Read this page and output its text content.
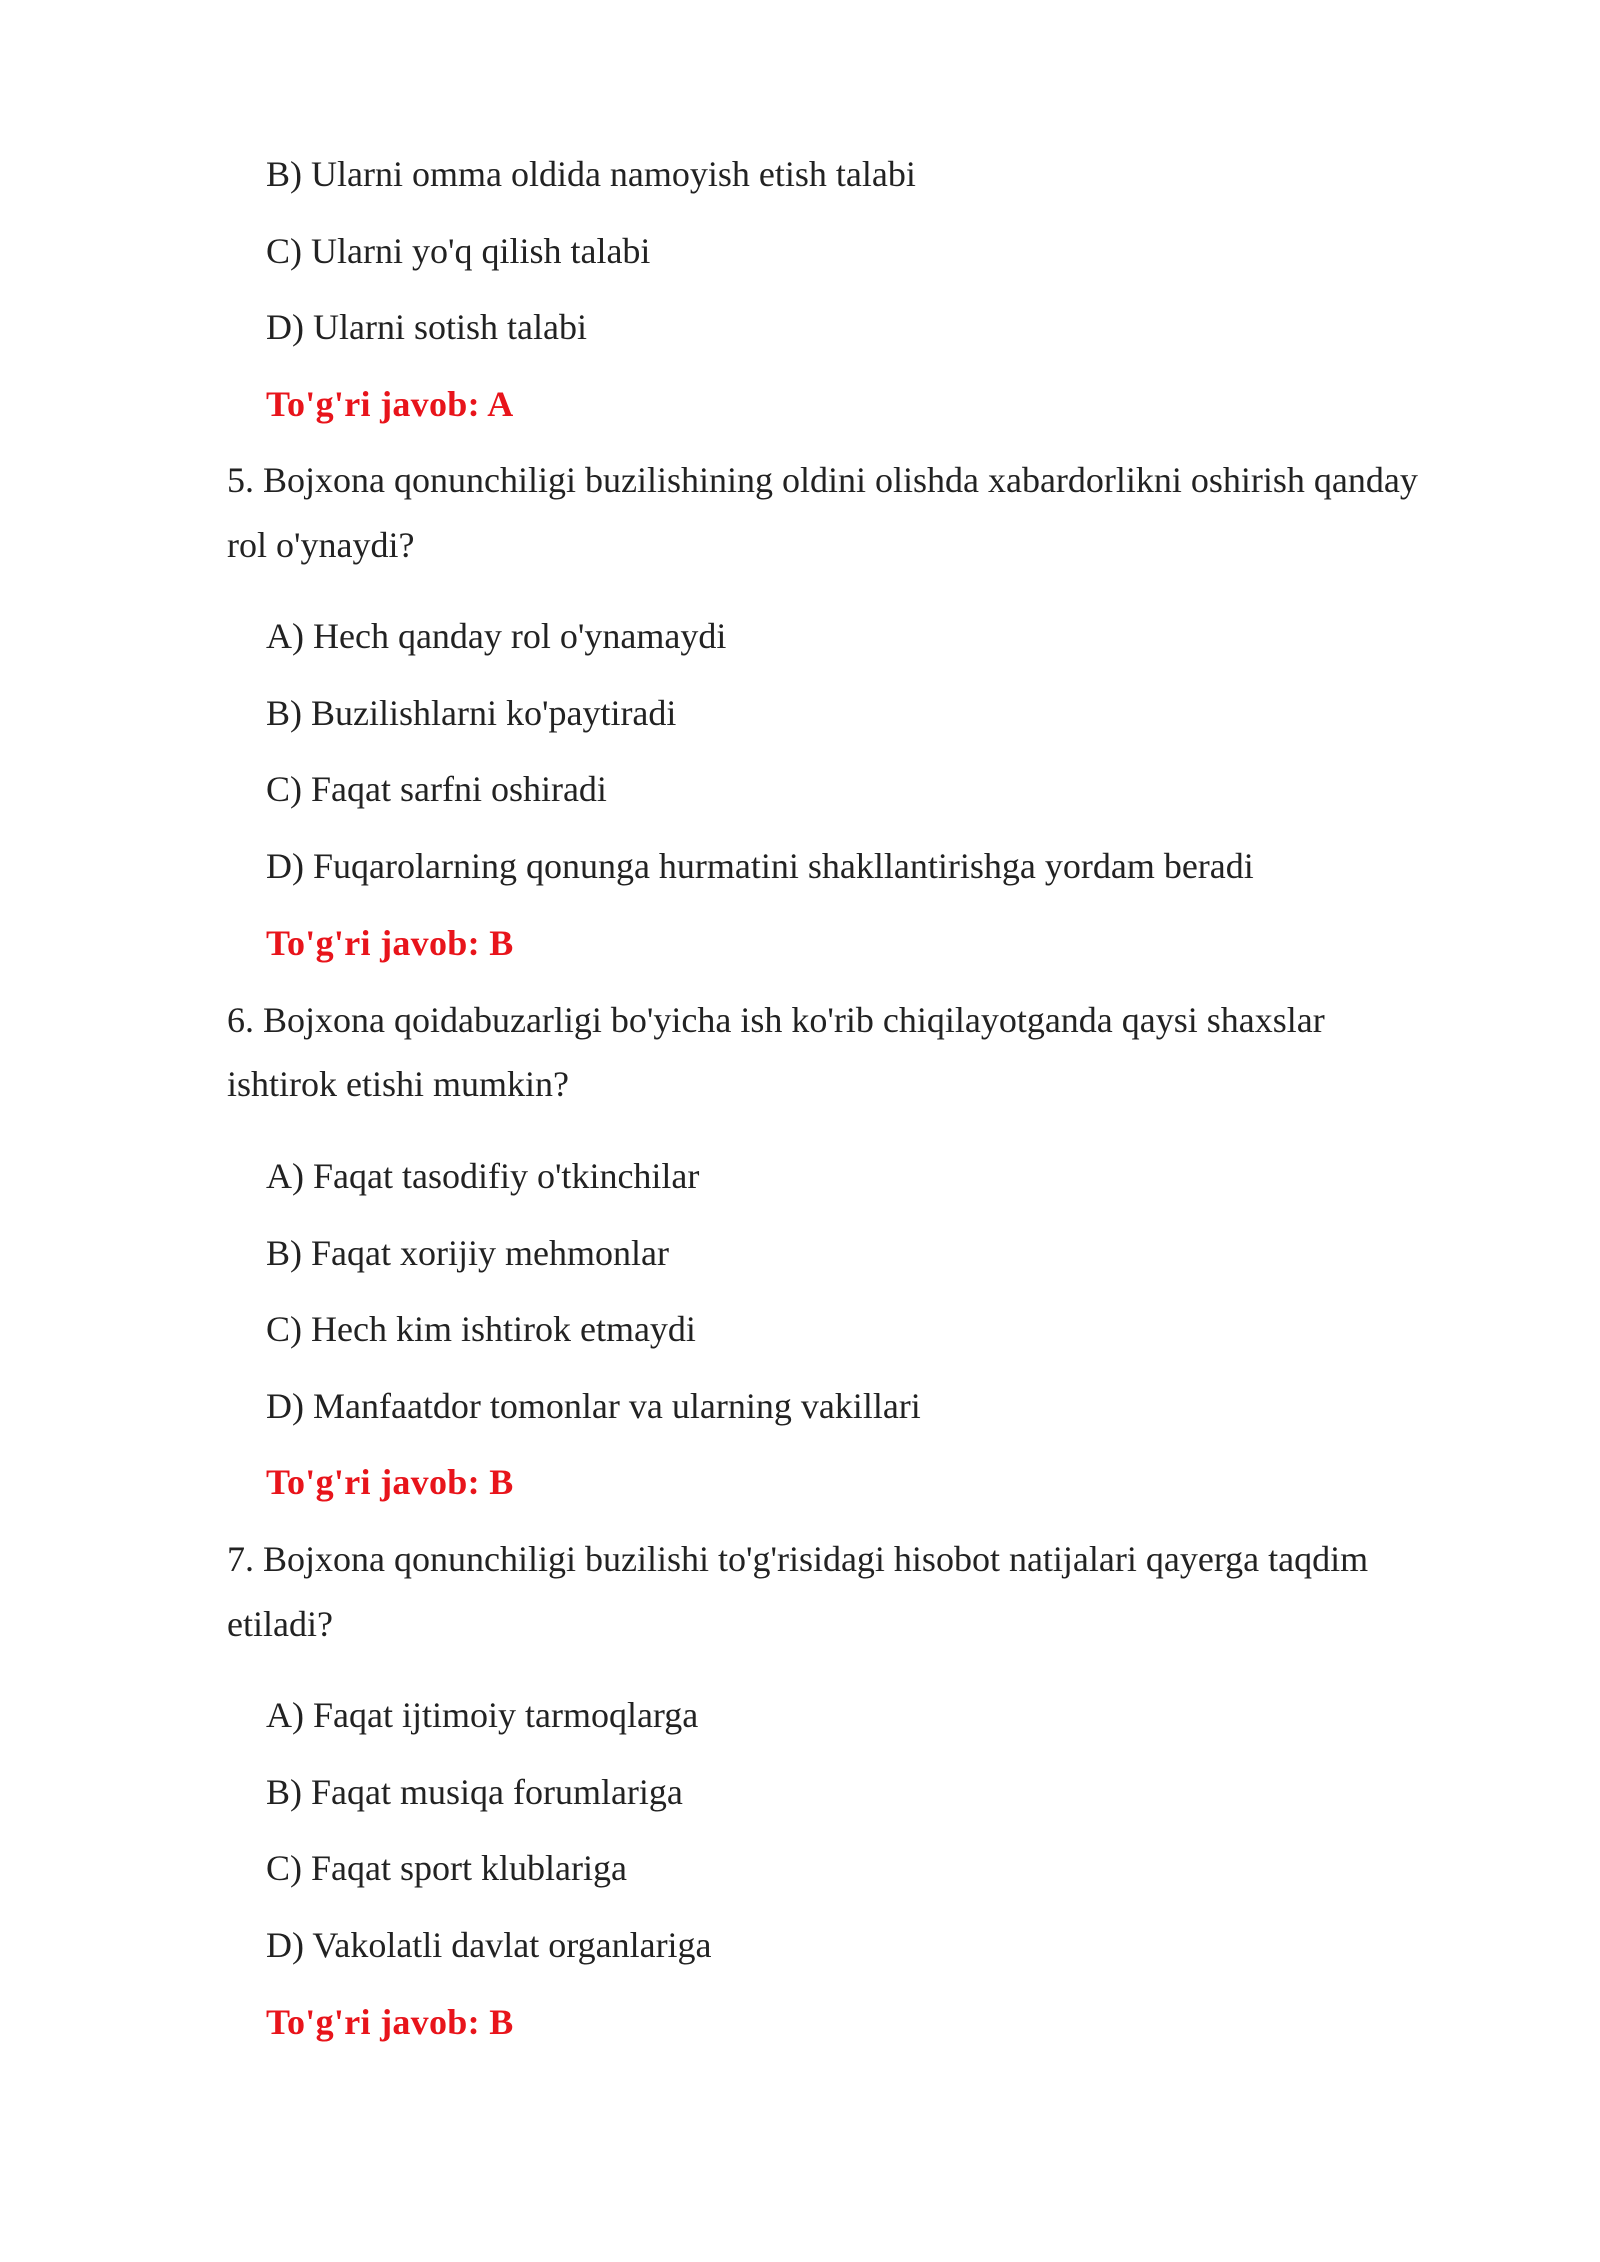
B) Ularni omma oldida namoyish etish talabi
C) Ularni yo'q qilish talabi
D) Ularni sotish talabi
To'g'ri javob: A
5. Bojxona qonunchiligi buzilishining oldini olishda xabardorlikni oshirish qanday
rol o'ynaydi?
A) Hech qanday rol o'ynamaydi
B) Buzilishlarni ko'paytiradi
C) Faqat sarfni oshiradi
D) Fuqarolarning qonunga hurmatini shakllantirishga yordam beradi
To'g'ri javob: B
6. Bojxona qoidabuzarligi bo'yicha ish ko'rib chiqilayotganda qaysi shaxslar
ishtirok etishi mumkin?
A) Faqat tasodifiy o'tkinchilar
B) Faqat xorijiy mehmonlar
C) Hech kim ishtirok etmaydi
D) Manfaatdor tomonlar va ularning vakillari
To'g'ri javob: B
7. Bojxona qonunchiligi buzilishi to'g'risidagi hisobot natijalari qayerga taqdim
etiladi?
A) Faqat ijtimoiy tarmoqlarga
B) Faqat musiqa forumlariga
C) Faqat sport klublariga
D) Vakolatli davlat organlariga
To'g'ri javob: B
